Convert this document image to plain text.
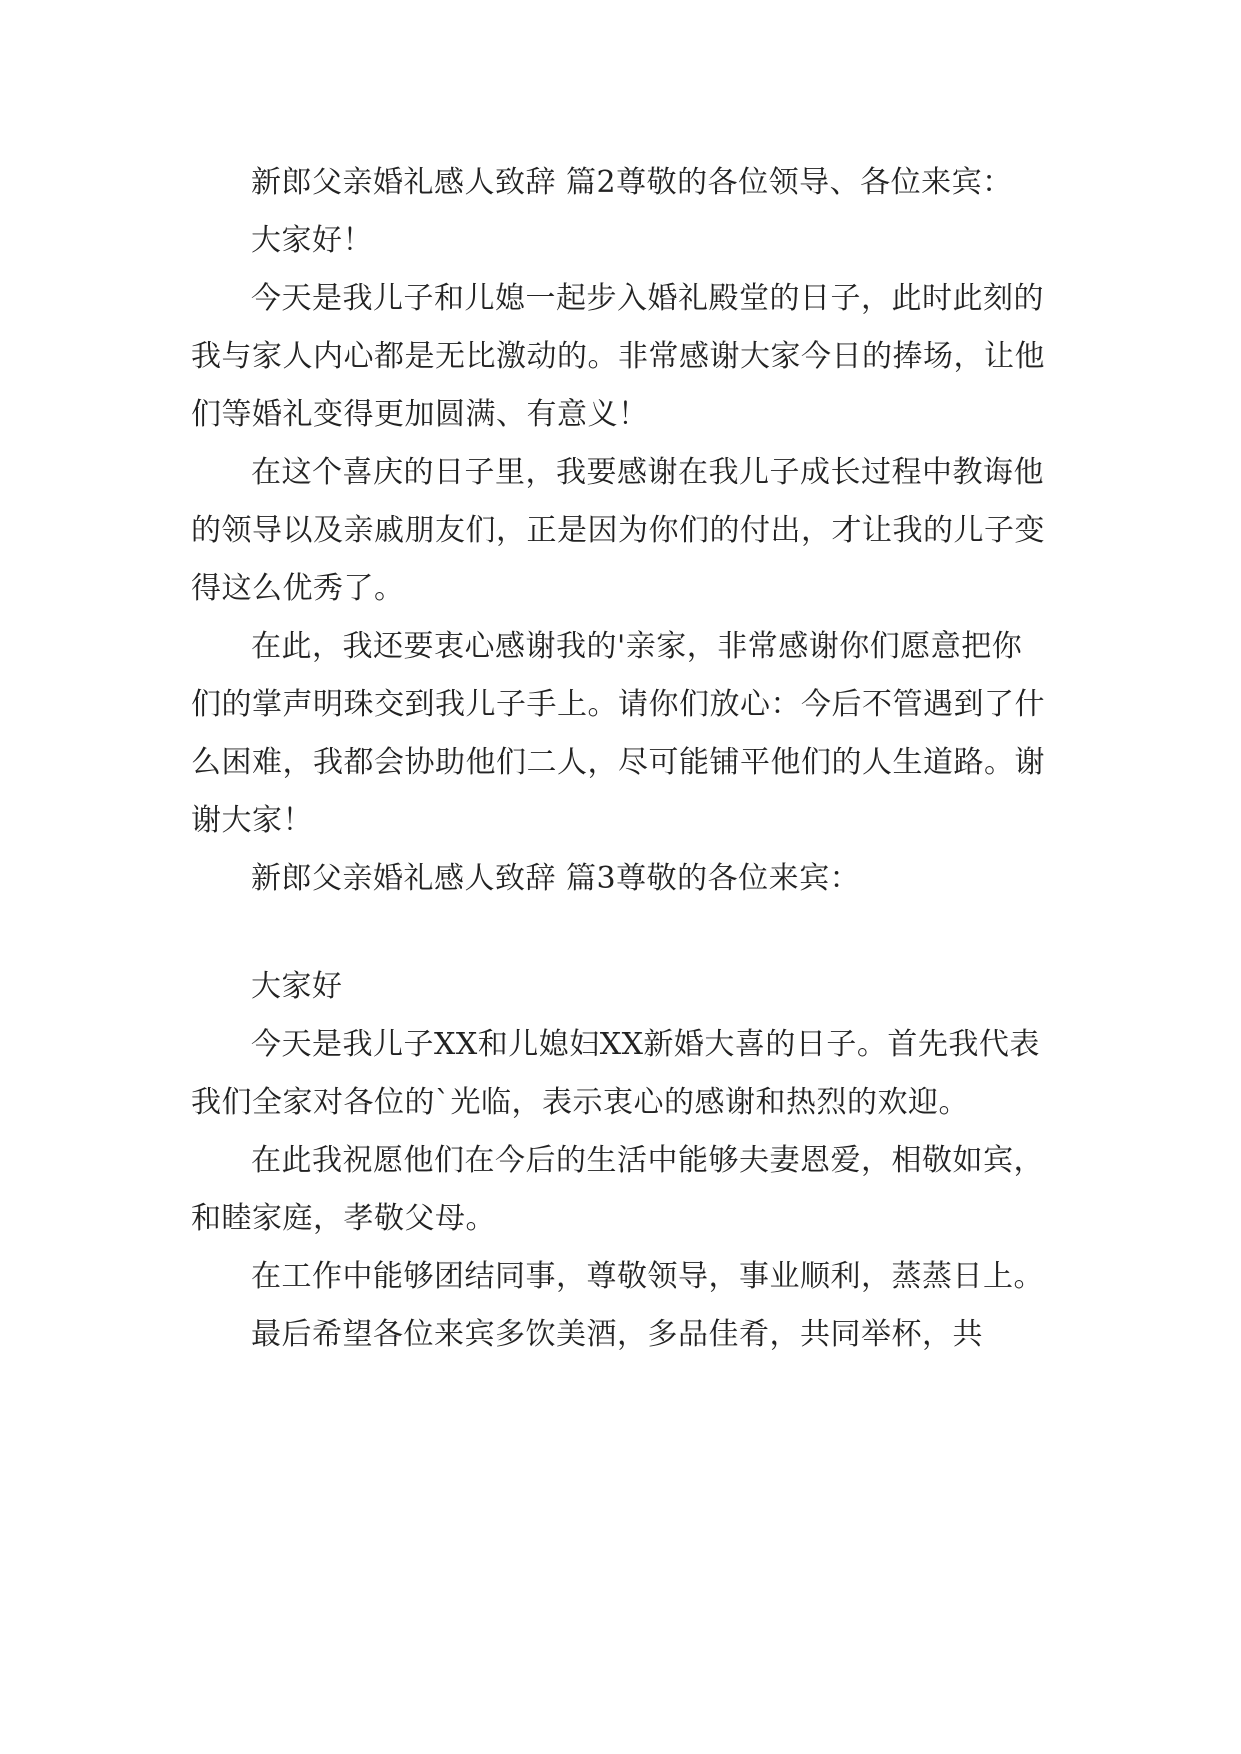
新郎父亲婚礼感人致辞 篇2尊敬的各位领导、各位来宾：

大家好！

今天是我儿子和儿媳一起步入婚礼殿堂的日子，此时此刻的我与家人内心都是无比激动的。非常感谢大家今日的捧场，让他们等婚礼变得更加圆满、有意义！

在这个喜庆的日子里，我要感谢在我儿子成长过程中教诲他的领导以及亲戚朋友们，正是因为你们的付出，才让我的儿子变得这么优秀了。

在此，我还要衷心感谢我的'亲家，非常感谢你们愿意把你们的掌声明珠交到我儿子手上。请你们放心：今后不管遇到了什么困难，我都会协助他们二人，尽可能铺平他们的人生道路。谢谢大家！

新郎父亲婚礼感人致辞 篇3尊敬的各位来宾：

大家好

今天是我儿子XX和儿媳妇XX新婚大喜的日子。首先我代表我们全家对各位的`光临，表示衷心的感谢和热烈的欢迎。

在此我祝愿他们在今后的生活中能够夫妻恩爱，相敬如宾，和睦家庭，孝敬父母。

在工作中能够团结同事，尊敬领导，事业顺利，蒸蒸日上。

最后希望各位来宾多饮美酒，多品佳肴，共同举杯，共
